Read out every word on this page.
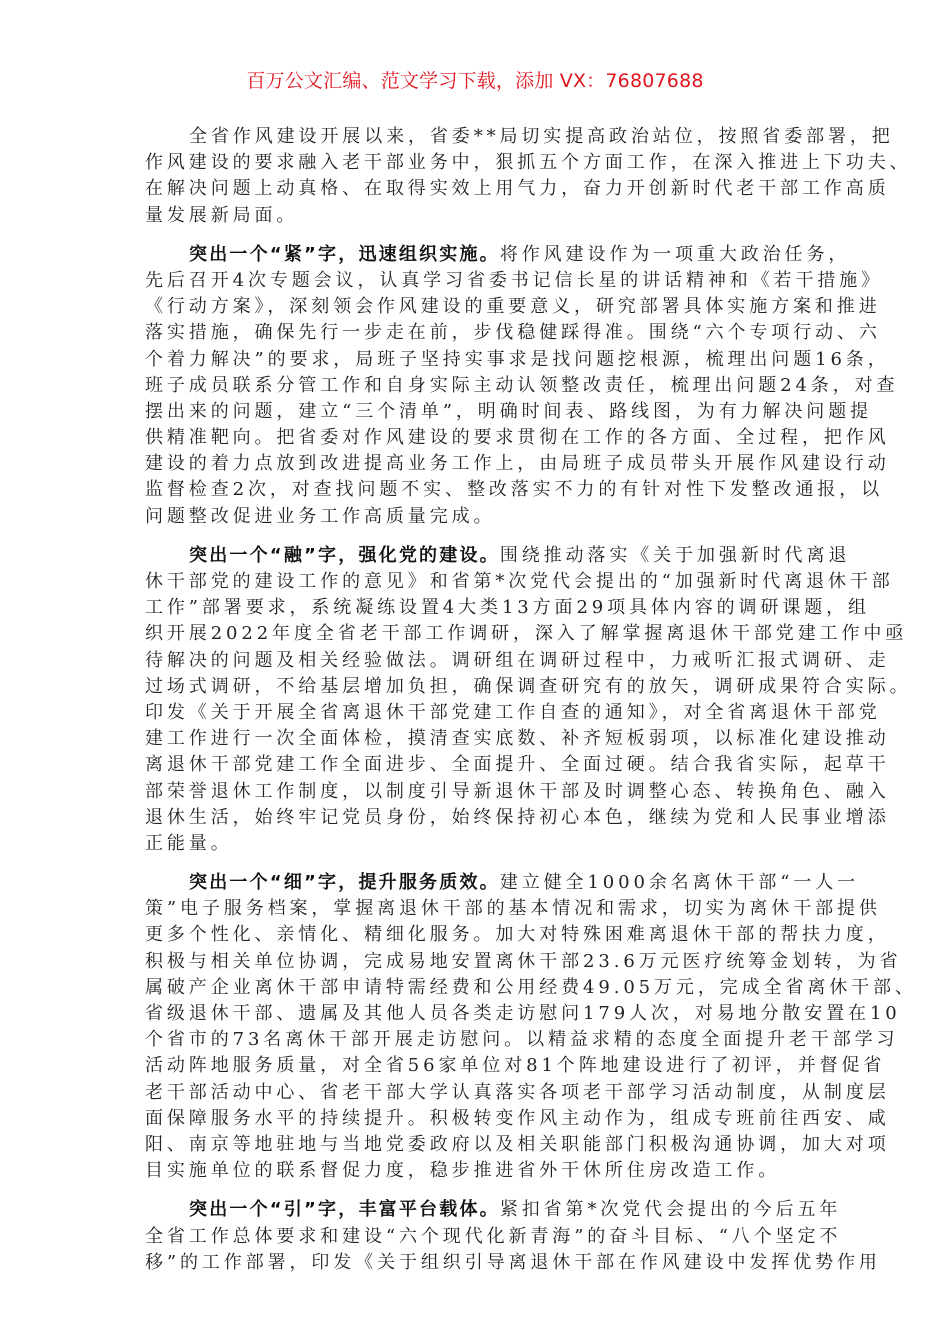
百万公文汇编、范文学习下载，添加 VX：76807688
全省作风建设开展以来，省委**局切实提高政治站位，按照省委部署，把
作风建设的要求融入老干部业务中，狠抓五个方面工作，在深入推进上下功夫、
在解决问题上动真格、在取得实效上用气力，奋力开创新时代老干部工作高质
量发展新局面。
突出一个“紧”字，迅速组织实施。将作风建设作为一项重大政治任务，
先后召开4次专题会议，认真学习省委书记信长星的讲话精神和《若干措施》
《行动方案》，深刻领会作风建设的重要意义，研究部署具体实施方案和推进
落实措施，确保先行一步走在前，步伐稳健踩得准。围绕“六个专项行动、六
个着力解决”的要求，局班子坚持实事求是找问题挖根源，梳理出问题16条，
班子成员联系分管工作和自身实际主动认领整改责任，梳理出问题24条，对查
摆出来的问题，建立“三个清单”，明确时间表、路线图，为有力解决问题提
供精准靶向。把省委对作风建设的要求贯彻在工作的各方面、全过程，把作风
建设的着力点放到改进提高业务工作上，由局班子成员带头开展作风建设行动
监督检查2次，对查找问题不实、整改落实不力的有针对性下发整改通报，以
问题整改促进业务工作高质量完成。
突出一个“融”字，强化党的建设。围绕推动落实《关于加强新时代离退
休干部党的建设工作的意见》和省第*次党代会提出的“加强新时代离退休干部
工作”部署要求，系统凝练设置4大类13方面29项具体内容的调研课题，组
织开展2022年度全省老干部工作调研，深入了解掌握离退休干部党建工作中亟
待解决的问题及相关经验做法。调研组在调研过程中，力戒听汇报式调研、走
过场式调研，不给基层增加负担，确保调查研究有的放矢，调研成果符合实际。
印发《关于开展全省离退休干部党建工作自查的通知》，对全省离退休干部党
建工作进行一次全面体检，摸清查实底数、补齐短板弱项，以标准化建设推动
离退休干部党建工作全面进步、全面提升、全面过硬。结合我省实际，起草干
部荣誉退休工作制度，以制度引导新退休干部及时调整心态、转换角色、融入
退休生活，始终牢记党员身份，始终保持初心本色，继续为党和人民事业增添
正能量。
突出一个“细”字，提升服务质效。建立健全1000余名离休干部“一人一
策”电子服务档案，掌握离退休干部的基本情况和需求，切实为离休干部提供
更多个性化、亲情化、精细化服务。加大对特殊困难离退休干部的帮扶力度，
积极与相关单位协调，完成易地安置离休干部23.6万元医疗统筹金划转，为省
属破产企业离休干部申请特需经费和公用经费49.05万元，完成全省离休干部、
省级退休干部、遗属及其他人员各类走访慰问179人次，对易地分散安置在10
个省市的73名离休干部开展走访慰问。以精益求精的态度全面提升老干部学习
活动阵地服务质量，对全省56家单位对81个阵地建设进行了初评，并督促省
老干部活动中心、省老干部大学认真落实各项老干部学习活动制度，从制度层
面保障服务水平的持续提升。积极转变作风主动作为，组成专班前往西安、咸
阳、南京等地驻地与当地党委政府以及相关职能部门积极沟通协调，加大对项
目实施单位的联系督促力度，稳步推进省外干休所住房改造工作。
突出一个“引”字，丰富平台载体。紧扣省第*次党代会提出的今后五年
全省工作总体要求和建设“六个现代化新青海”的奋斗目标、“八个坚定不
移”的工作部署，印发《关于组织引导离退休干部在作风建设中发挥优势作用
